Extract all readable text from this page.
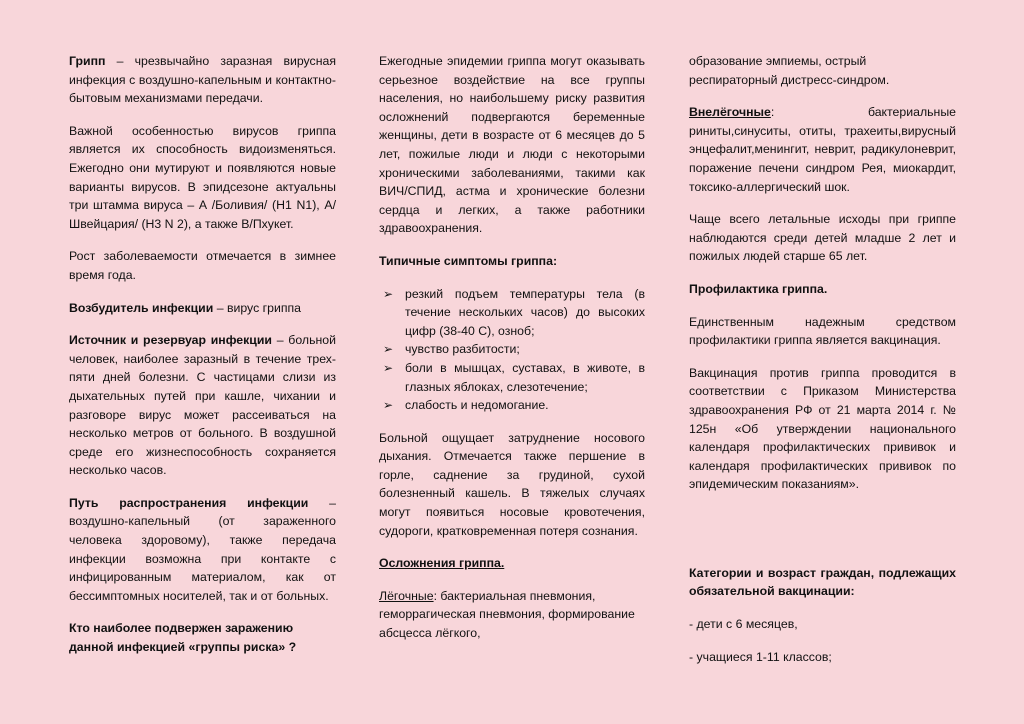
Грипп – чрезвычайно заразная вирусная инфекция с воздушно-капельным и контактно-бытовым механизмами передачи.

Важной особенностью вирусов гриппа является их способность видоизменяться. Ежегодно они мутируют и появляются новые варианты вирусов. В эпидсезоне актуальны три штамма вируса – А /Боливия/ (Н1 N1), А/Швейцария/ (Н3 N 2), а также В/Пхукет.

Рост заболеваемости отмечается в зимнее время года.

Возбудитель инфекции – вирус гриппа

Источник и резервуар инфекции – больной человек, наиболее заразный в течение трех-пяти дней болезни. С частицами слизи из дыхательных путей при кашле, чихании и разговоре вирус может рассеиваться на несколько метров от больного. В воздушной среде его жизнеспособность сохраняется несколько часов.

Путь распространения инфекции – воздушно-капельный (от зараженного человека здоровому), также передача инфекции возможна при контакте с инфицированным материалом, как от бессимптомных носителей, так и от больных.

Кто наиболее подвержен заражению данной инфекцией «группы риска» ?

Ежегодные эпидемии гриппа могут оказывать серьезное воздействие на все группы населения, но наибольшему риску развития осложнений подвергаются беременные женщины, дети в возрасте от 6 месяцев до 5 лет, пожилые люди и люди с некоторыми хроническими заболеваниями, такими как ВИЧ/СПИД, астма и хронические болезни сердца и легких, а также работники здравоохранения.

Типичные симптомы гриппа:

➢ резкий подъем температуры тела (в течение нескольких часов) до высоких цифр (38-40 С), озноб;
➢ чувство разбитости;
➢ боли в мышцах, суставах, в животе, в глазных яблоках, слезотечение;
➢ слабость и недомогание.

Больной ощущает затруднение носового дыхания. Отмечается также першение в горле, саднение за грудиной, сухой болезненный кашель. В тяжелых случаях могут появиться носовые кровотечения, судороги, кратковременная потеря сознания.

Осложнения гриппа.

Лёгочные: бактериальная пневмония, геморрагическая пневмония, формирование абсцесса лёгкого,

образование эмпиемы, острый респираторный дистресс-синдром.

Внелёгочные: бактериальные риниты,синуситы, отиты, трахеиты,вирусный энцефалит,менингит, неврит, радикулоневрит, поражение печени синдром Рея, миокардит, токсико-аллергический шок.

Чаще всего летальные исходы при гриппе наблюдаются среди детей младше 2 лет и пожилых людей старше 65 лет.

Профилактика гриппа.

Единственным надежным средством профилактики гриппа является вакцинация.

Вакцинация против гриппа проводится в соответствии с Приказом Министерства здравоохранения РФ от 21 марта 2014 г. № 125н «Об утверждении национального календаря профилактических прививок и календаря профилактических прививок по эпидемическим показаниям».

Категории и возраст граждан, подлежащих обязательной вакцинации:

- дети с 6 месяцев,

- учащиеся 1-11 классов;
